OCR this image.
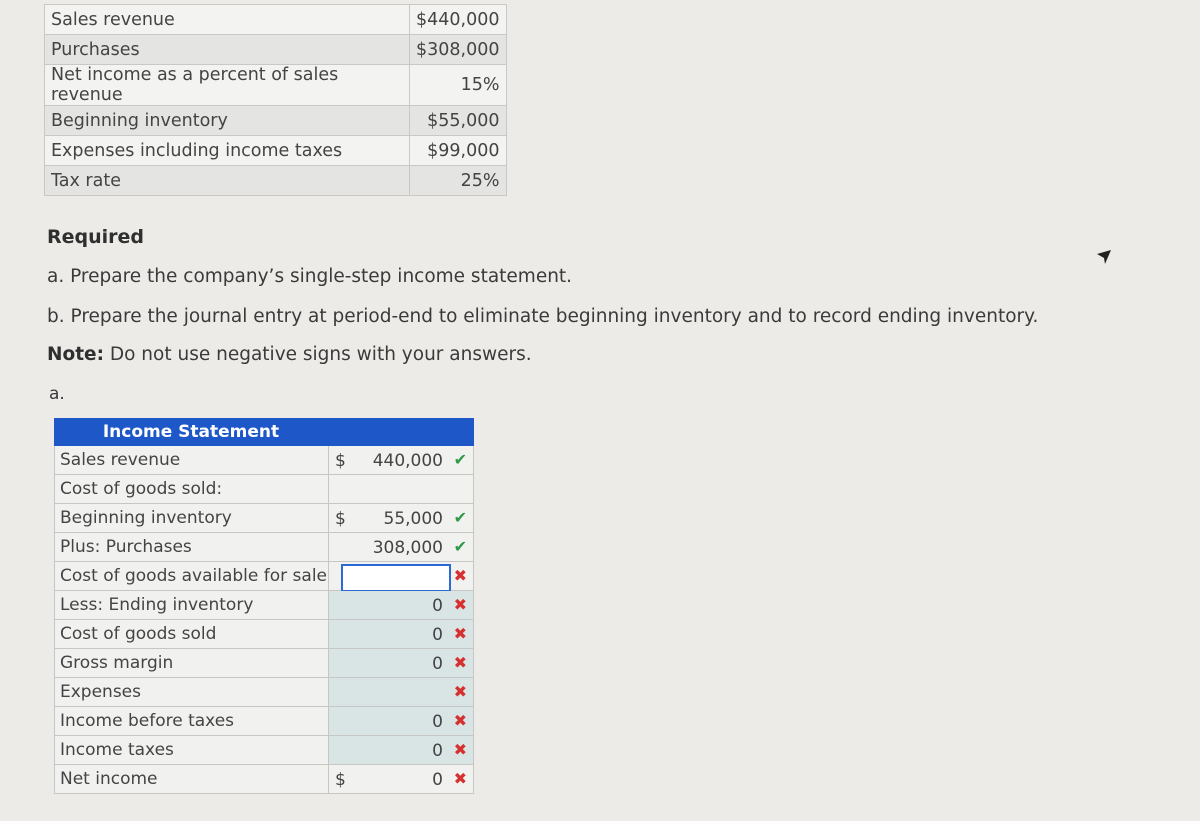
Sales revenue	$440,000
Purchases	$308,000
Net income as a percent of sales revenue	15%
Beginning inventory	$55,000
Expenses including income taxes	$99,000
Tax rate	25%
Required
a. Prepare the company’s single-step income statement.
b. Prepare the journal entry at period-end to eliminate beginning inventory and to record ending inventory.
Note: Do not use negative signs with your answers.
a.
Income Statement	
Sales revenue	$ 440,000 ✔

Cost of goods sold:	
Beginning inventory	$ 55,000 ✔

Plus: Purchases	308,000 ✔

Cost of goods available for sale	✖

Less: Ending inventory	0 ✖

Cost of goods sold	0 ✖

Gross margin	0 ✖

Expenses	✖

Income before taxes	0 ✖

Income taxes	0 ✖

Net income	$ 0 ✖
